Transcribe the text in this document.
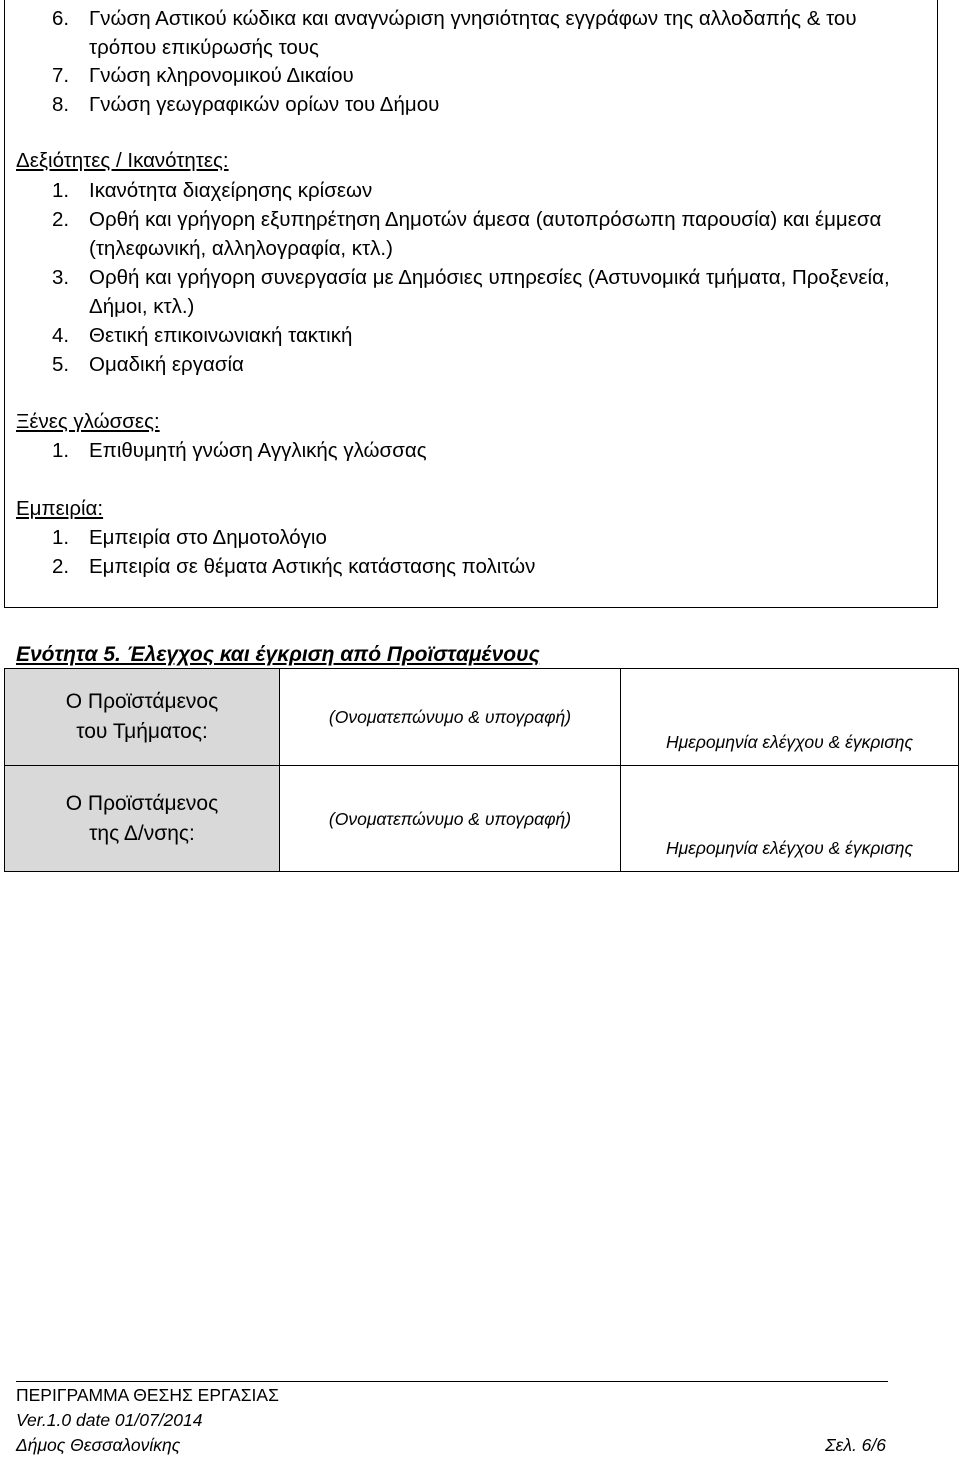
6. Γνώση Αστικού κώδικα και αναγνώριση γνησιότητας εγγράφων της αλλοδαπής & του
τρόπου επικύρωσής τους
7. Γνώση κληρονομικού Δικαίου
8. Γνώση γεωγραφικών ορίων του Δήμου
Δεξιότητες / Ικανότητες:
1. Ικανότητα διαχείρησης κρίσεων
2. Ορθή και γρήγορη εξυπηρέτηση Δημοτών άμεσα (αυτοπρόσωπη παρουσία) και έμμεσα
(τηλεφωνική, αλληλογραφία, κτλ.)
3. Ορθή και γρήγορη συνεργασία με Δημόσιες υπηρεσίες (Αστυνομικά τμήματα, Προξενεία,
Δήμοι, κτλ.)
4. Θετική επικοινωνιακή τακτική
5. Ομαδική εργασία
Ξένες γλώσσες:
1. Επιθυμητή γνώση Αγγλικής γλώσσας
Εμπειρία:
1. Εμπειρία στο Δημοτολόγιο
2. Εμπειρία σε θέματα Αστικής κατάστασης πολιτών
Ενότητα 5. Έλεγχος και έγκριση από Προϊσταμένους
Ο Προϊστάμενος
του Τμήματος:	(Ονοματεπώνυμο & υπογραφή)	Ημερομηνία ελέγχου & έγκρισης

Ο Προϊστάμενος
της Δ/νσης:	(Ονοματεπώνυμο & υπογραφή)	Ημερομηνία ελέγχου & έγκρισης
ΠΕΡΙΓΡΑΜΜΑ ΘΕΣΗΣ ΕΡΓΑΣΙΑΣ
Ver.1.0 date 01/07/2014
Δήμος Θεσσαλονίκης	Σελ. 6/6
